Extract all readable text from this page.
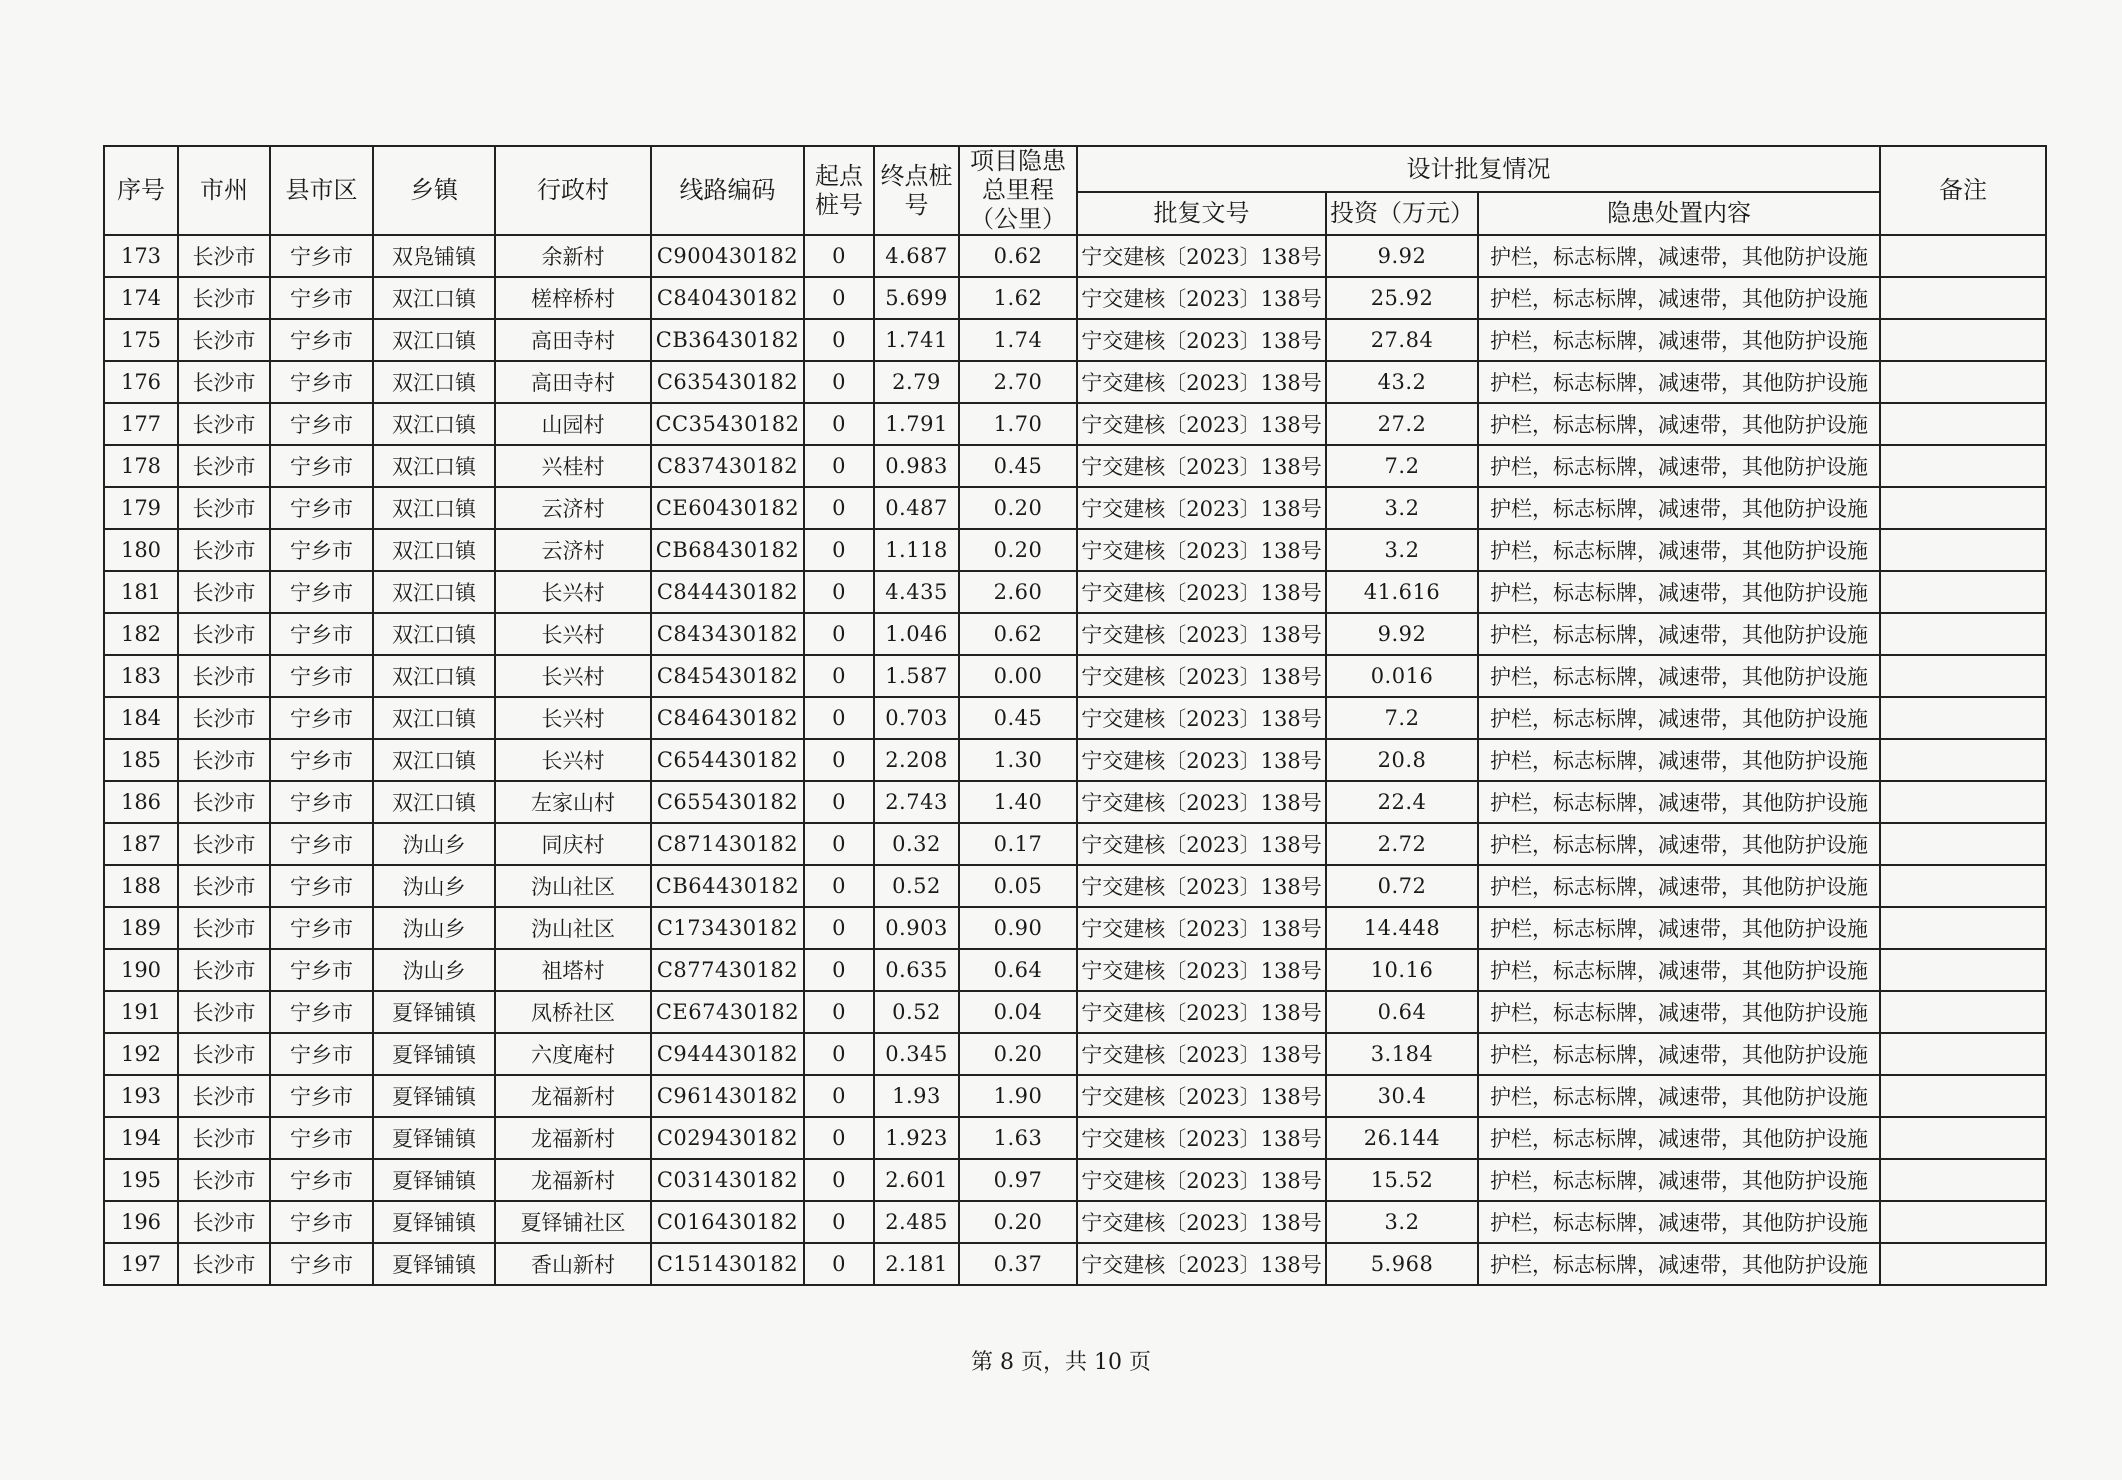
序号	市州	县市区	乡镇	行政村	线路编码	起点桩号	终点桩号	项目隐患总里程（公里）	设计批复情况			备注
									批复文号	投资（万元）	隐患处置内容	
173	长沙市	宁乡市	双凫铺镇	余新村	C900430182	0	4.687	0.62	宁交建核〔2023〕138号	9.92	护栏，标志标牌，减速带，其他防护设施	
174	长沙市	宁乡市	双江口镇	槎梓桥村	C840430182	0	5.699	1.62	宁交建核〔2023〕138号	25.92	护栏，标志标牌，减速带，其他防护设施	
175	长沙市	宁乡市	双江口镇	高田寺村	CB36430182	0	1.741	1.74	宁交建核〔2023〕138号	27.84	护栏，标志标牌，减速带，其他防护设施	
176	长沙市	宁乡市	双江口镇	高田寺村	C635430182	0	2.79	2.70	宁交建核〔2023〕138号	43.2	护栏，标志标牌，减速带，其他防护设施	
177	长沙市	宁乡市	双江口镇	山园村	CC35430182	0	1.791	1.70	宁交建核〔2023〕138号	27.2	护栏，标志标牌，减速带，其他防护设施	
178	长沙市	宁乡市	双江口镇	兴桂村	C837430182	0	0.983	0.45	宁交建核〔2023〕138号	7.2	护栏，标志标牌，减速带，其他防护设施	
179	长沙市	宁乡市	双江口镇	云济村	CE60430182	0	0.487	0.20	宁交建核〔2023〕138号	3.2	护栏，标志标牌，减速带，其他防护设施	
180	长沙市	宁乡市	双江口镇	云济村	CB68430182	0	1.118	0.20	宁交建核〔2023〕138号	3.2	护栏，标志标牌，减速带，其他防护设施	
181	长沙市	宁乡市	双江口镇	长兴村	C844430182	0	4.435	2.60	宁交建核〔2023〕138号	41.616	护栏，标志标牌，减速带，其他防护设施	
182	长沙市	宁乡市	双江口镇	长兴村	C843430182	0	1.046	0.62	宁交建核〔2023〕138号	9.92	护栏，标志标牌，减速带，其他防护设施	
183	长沙市	宁乡市	双江口镇	长兴村	C845430182	0	1.587	0.00	宁交建核〔2023〕138号	0.016	护栏，标志标牌，减速带，其他防护设施	
184	长沙市	宁乡市	双江口镇	长兴村	C846430182	0	0.703	0.45	宁交建核〔2023〕138号	7.2	护栏，标志标牌，减速带，其他防护设施	
185	长沙市	宁乡市	双江口镇	长兴村	C654430182	0	2.208	1.30	宁交建核〔2023〕138号	20.8	护栏，标志标牌，减速带，其他防护设施	
186	长沙市	宁乡市	双江口镇	左家山村	C655430182	0	2.743	1.40	宁交建核〔2023〕138号	22.4	护栏，标志标牌，减速带，其他防护设施	
187	长沙市	宁乡市	沩山乡	同庆村	C871430182	0	0.32	0.17	宁交建核〔2023〕138号	2.72	护栏，标志标牌，减速带，其他防护设施	
188	长沙市	宁乡市	沩山乡	沩山社区	CB64430182	0	0.52	0.05	宁交建核〔2023〕138号	0.72	护栏，标志标牌，减速带，其他防护设施	
189	长沙市	宁乡市	沩山乡	沩山社区	C173430182	0	0.903	0.90	宁交建核〔2023〕138号	14.448	护栏，标志标牌，减速带，其他防护设施	
190	长沙市	宁乡市	沩山乡	祖塔村	C877430182	0	0.635	0.64	宁交建核〔2023〕138号	10.16	护栏，标志标牌，减速带，其他防护设施	
191	长沙市	宁乡市	夏铎铺镇	凤桥社区	CE67430182	0	0.52	0.04	宁交建核〔2023〕138号	0.64	护栏，标志标牌，减速带，其他防护设施	
192	长沙市	宁乡市	夏铎铺镇	六度庵村	C944430182	0	0.345	0.20	宁交建核〔2023〕138号	3.184	护栏，标志标牌，减速带，其他防护设施	
193	长沙市	宁乡市	夏铎铺镇	龙福新村	C961430182	0	1.93	1.90	宁交建核〔2023〕138号	30.4	护栏，标志标牌，减速带，其他防护设施	
194	长沙市	宁乡市	夏铎铺镇	龙福新村	C029430182	0	1.923	1.63	宁交建核〔2023〕138号	26.144	护栏，标志标牌，减速带，其他防护设施	
195	长沙市	宁乡市	夏铎铺镇	龙福新村	C031430182	0	2.601	0.97	宁交建核〔2023〕138号	15.52	护栏，标志标牌，减速带，其他防护设施	
196	长沙市	宁乡市	夏铎铺镇	夏铎铺社区	C016430182	0	2.485	0.20	宁交建核〔2023〕138号	3.2	护栏，标志标牌，减速带，其他防护设施	
197	长沙市	宁乡市	夏铎铺镇	香山新村	C151430182	0	2.181	0.37	宁交建核〔2023〕138号	5.968	护栏，标志标牌，减速带，其他防护设施	
第 8 页，共 10 页
